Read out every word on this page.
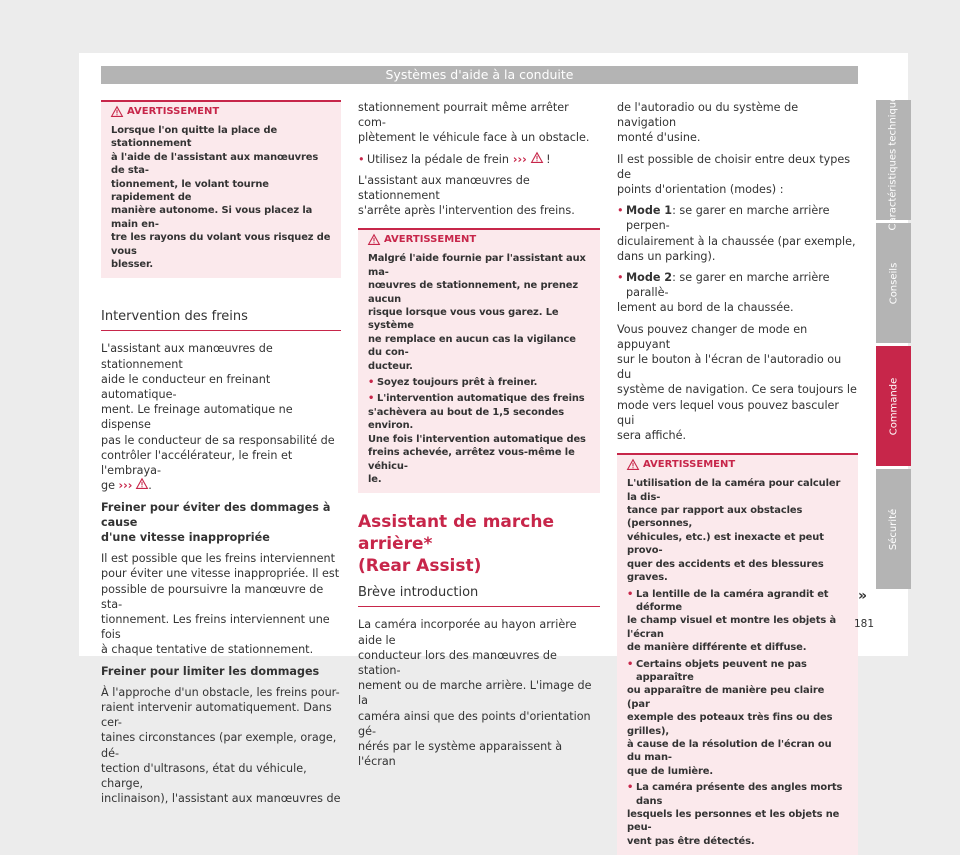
Systèmes d'aide à la conduite
AVERTISSEMENT

Lorsque l'on quitte la place de stationnement

à l'aide de l'assistant aux manœuvres de sta-

tionnement, le volant tourne rapidement de

manière autonome. Si vous placez la main en-

tre les rayons du volant vous risquez de vous

blesser.

Intervention des freins

L'assistant aux manœuvres de stationnement
aide le conducteur en freinant automatique-
ment. Le freinage automatique ne dispense
pas le conducteur de sa responsabilité de
contrôler l'accélérateur, le frein et l'embraya-
ge ››› .

Freiner pour éviter des dommages à cause
d'une vitesse inappropriée

Il est possible que les freins interviennent
pour éviter une vitesse inappropriée. Il est
possible de poursuivre la manœuvre de sta-
tionnement. Les freins interviennent une fois
à chaque tentative de stationnement.

Freiner pour limiter les dommages

À l'approche d'un obstacle, les freins pour-
raient intervenir automatiquement. Dans cer-
taines circonstances (par exemple, orage, dé-
tection d'ultrasons, état du véhicule, charge,
inclinaison), l'assistant aux manœuvres de

stationnement pourrait même arrêter com-
plètement le véhicule face à un obstacle.

• Utilisez la pédale de frein ›››  !

L'assistant aux manœuvres de stationnement
s'arrête après l'intervention des freins.

AVERTISSEMENT

Malgré l'aide fournie par l'assistant aux ma-

nœuvres de stationnement, ne prenez aucun

risque lorsque vous vous garez. Le système

ne remplace en aucun cas la vigilance du con-

ducteur.

• Soyez toujours prêt à freiner.
• L'intervention automatique des freins
s'achèvera au bout de 1,5 secondes environ.
Une fois l'intervention automatique des
freins achevée, arrêtez vous-même le véhicu-
le.
Assistant de marche arrière*
(Rear Assist)
Brève introduction

La caméra incorporée au hayon arrière aide le
conducteur lors des manœuvres de station-
nement ou de marche arrière. L'image de la
caméra ainsi que des points d'orientation gé-
nérés par le système apparaissent à l'écran

de l'autoradio ou du système de navigation
monté d'usine.

Il est possible de choisir entre deux types de
points d'orientation (modes) :

• Mode 1: se garer en marche arrière perpen-
diculairement à la chaussée (par exemple,
dans un parking).

• Mode 2: se garer en marche arrière parallè-
lement au bord de la chaussée.

Vous pouvez changer de mode en appuyant
sur le bouton à l'écran de l'autoradio ou du
système de navigation. Ce sera toujours le
mode vers lequel vous pouvez basculer qui
sera affiché.

AVERTISSEMENT

L'utilisation de la caméra pour calculer la dis-

tance par rapport aux obstacles (personnes,

véhicules, etc.) est inexacte et peut provo-

quer des accidents et des blessures graves.

• La lentille de la caméra agrandit et déforme
le champ visuel et montre les objets à l'écran
de manière différente et diffuse.
• Certains objets peuvent ne pas apparaître
ou apparaître de manière peu claire (par
exemple des poteaux très fins ou des grilles),
à cause de la résolution de l'écran ou du man-
que de lumière.
• La caméra présente des angles morts dans
lesquels les personnes et les objets ne peu-
vent pas être détectés.
»
Caractéristiques techniques
Conseils
Commande
Sécurité
181
